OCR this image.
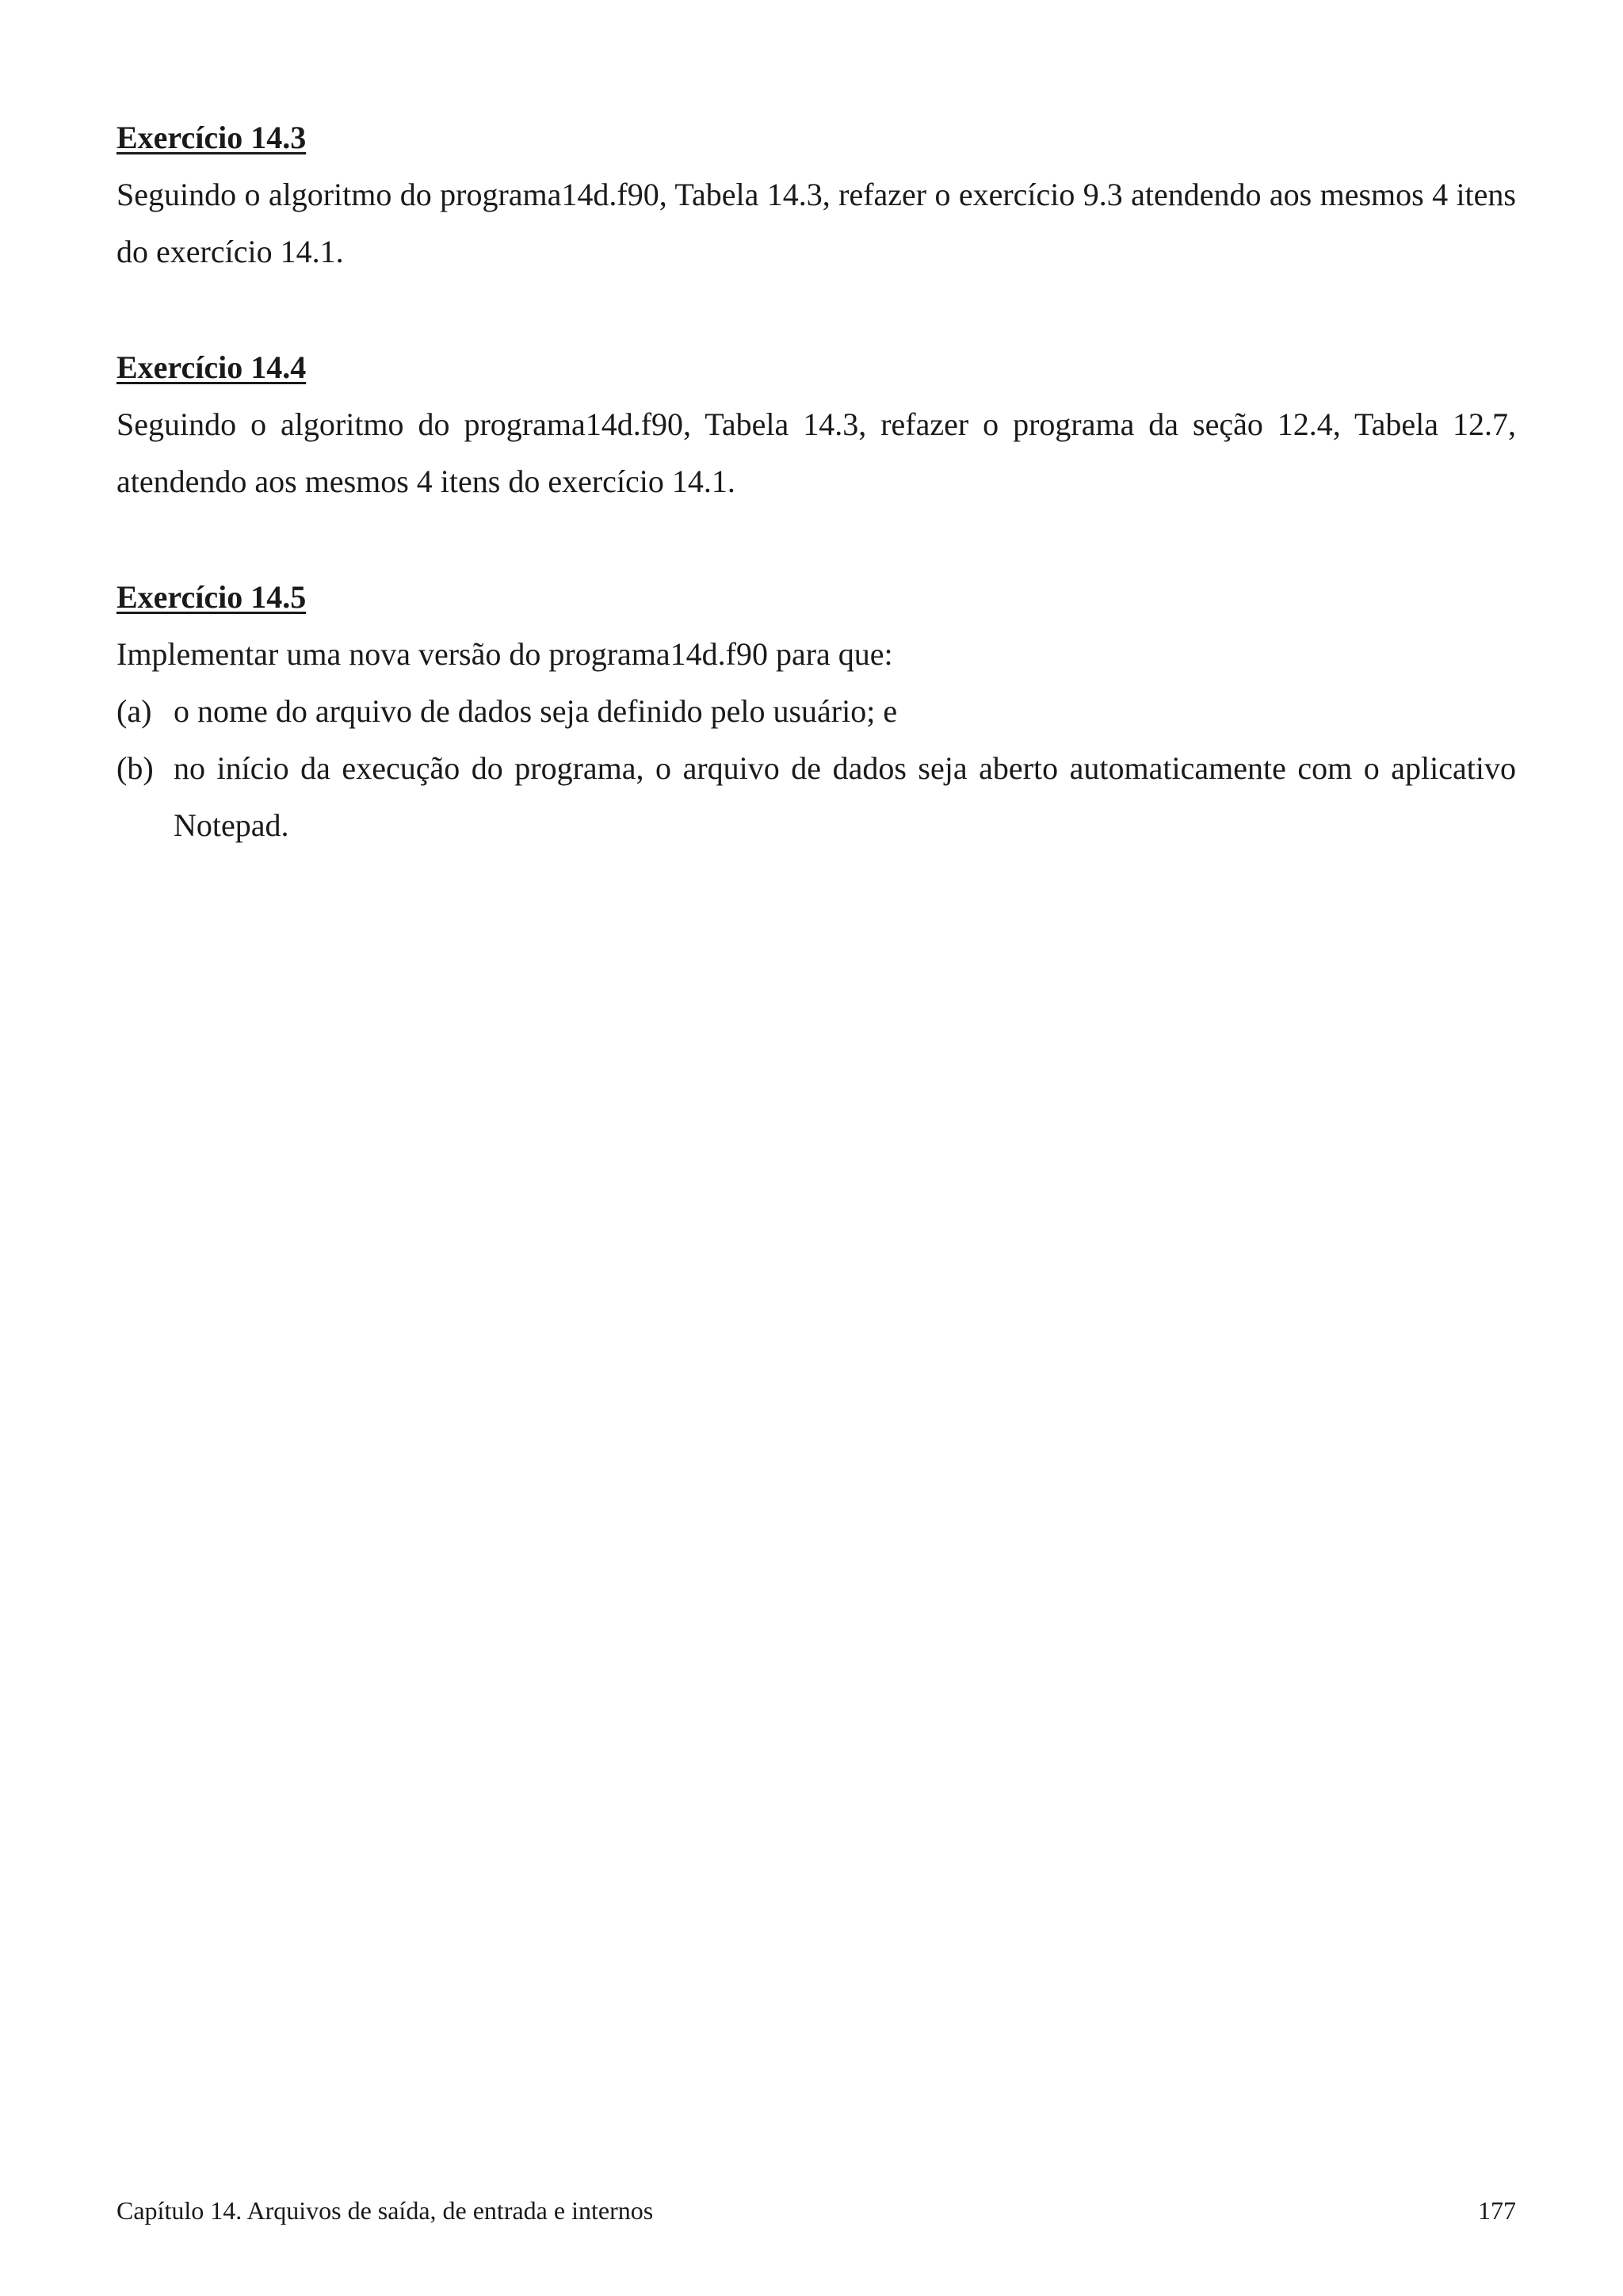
Exercício 14.3

Seguindo o algoritmo do programa14d.f90, Tabela 14.3, refazer o exercício 9.3 atendendo aos mesmos 4 itens do exercício 14.1.

Exercício 14.4

Seguindo o algoritmo do programa14d.f90, Tabela 14.3, refazer o programa da seção 12.4, Tabela 12.7, atendendo aos mesmos 4 itens do exercício 14.1.

Exercício 14.5

Implementar uma nova versão do programa14d.f90 para que:

(a) o nome do arquivo de dados seja definido pelo usuário; e
(b) no início da execução do programa, o arquivo de dados seja aberto automaticamente com o aplicativo Notepad.
Capítulo 14. Arquivos de saída, de entrada e internos	177
